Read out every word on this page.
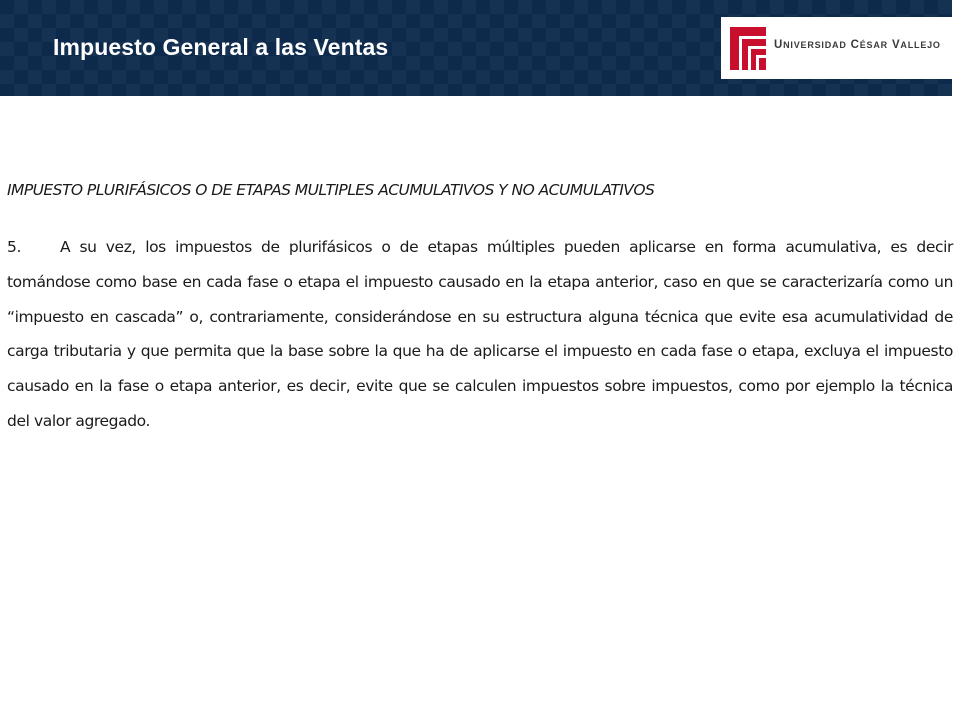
Impuesto General a las Ventas	UNIVERSIDAD CÉSAR VALLEJO

IMPUESTO PLURIFÁSICOS O DE ETAPAS MULTIPLES ACUMULATIVOS Y NO ACUMULATIVOS

5.	A su vez, los impuestos de plurifásicos o de etapas múltiples pueden aplicarse en forma acumulativa, es decir tomándose como base en cada fase o etapa el impuesto causado en la etapa anterior, caso en que se caracterizaría como un “impuesto en cascada” o, contrariamente, considerándose en su estructura alguna técnica que evite esa acumulatividad de carga tributaria y que permita que la base sobre la que ha de aplicarse el impuesto en cada fase o etapa, excluya el impuesto causado en la fase o etapa anterior, es decir, evite que se calculen impuestos sobre impuestos, como por ejemplo la técnica del valor agregado.
